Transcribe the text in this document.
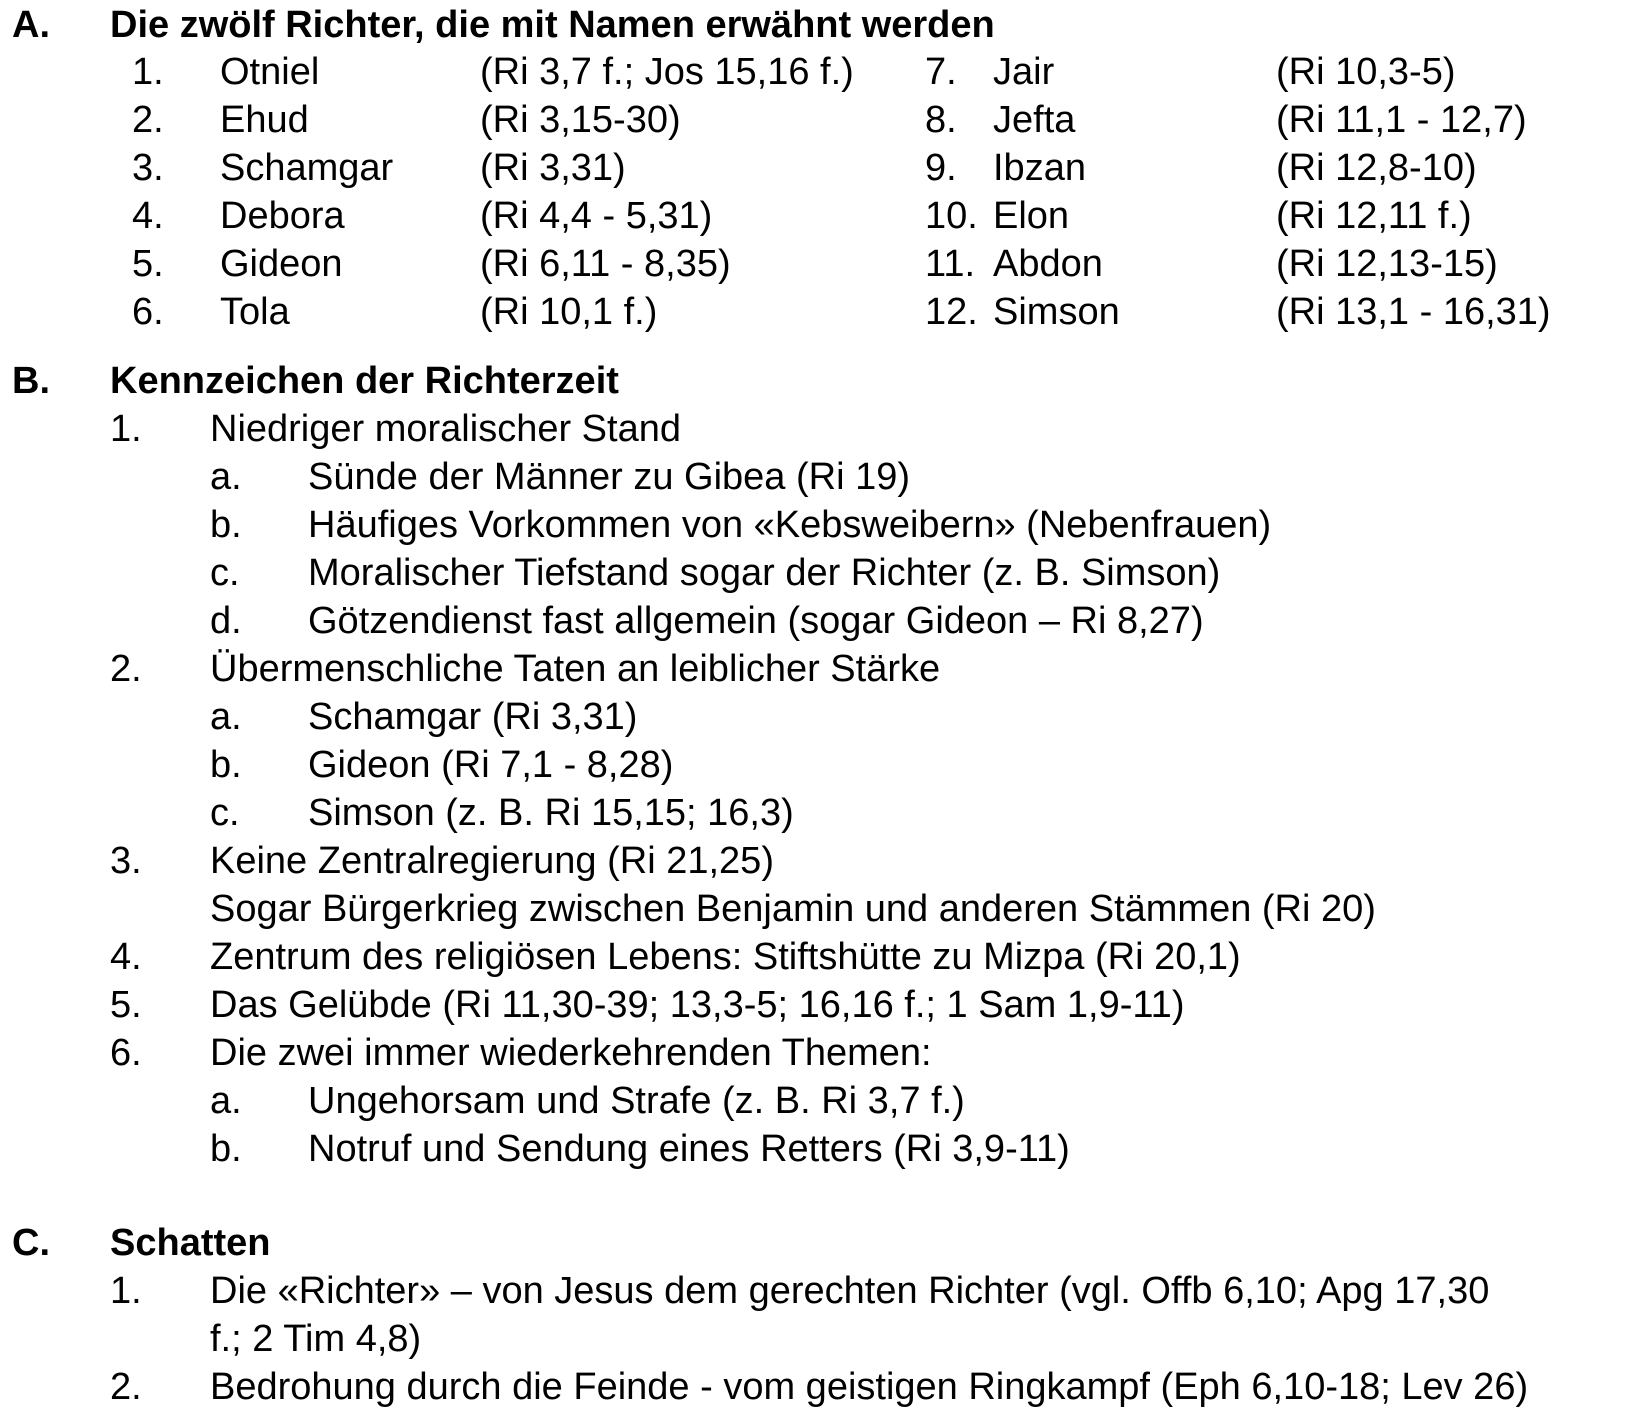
A. Die zwölf Richter, die mit Namen erwähnt werden
1. Otniel	(Ri 3,7 f.; Jos 15,16 f.)
2. Ehud	(Ri 3,15-30)
3. Schamgar (Ri 3,31)
4. Debora	(Ri 4,4 - 5,31)
5. Gideon	(Ri 6,11 - 8,35)
6. Tola	(Ri 10,1 f.)
7. Jair	(Ri 10,3-5)
8. Jefta	(Ri 11,1 - 12,7)
9. Ibzan	(Ri 12,8-10)
10. Elon	(Ri 12,11 f.)
11. Abdon	(Ri 12,13-15)
12. Simson	(Ri 13,1 - 16,31)
B. Kennzeichen der Richterzeit
1. Niedriger moralischer Stand
a. Sünde der Männer zu Gibea (Ri 19)
b. Häufiges Vorkommen von «Kebsweibern» (Nebenfrauen)
c. Moralischer Tiefstand sogar der Richter (z. B. Simson)
d. Götzendienst fast allgemein (sogar Gideon – Ri 8,27)
2. Übermenschliche Taten an leiblicher Stärke
a. Schamgar (Ri 3,31)
b. Gideon (Ri 7,1 - 8,28)
c. Simson (z. B. Ri 15,15; 16,3)
3. Keine Zentralregierung (Ri 21,25)
Sogar Bürgerkrieg zwischen Benjamin und anderen Stämmen (Ri 20)
4. Zentrum des religiösen Lebens: Stiftshütte zu Mizpa (Ri 20,1)
5. Das Gelübde (Ri 11,30-39; 13,3-5; 16,16 f.; 1 Sam 1,9-11)
6. Die zwei immer wiederkehrenden Themen:
a. Ungehorsam und Strafe (z. B. Ri 3,7 f.)
b. Notruf und Sendung eines Retters (Ri 3,9-11)
C. Schatten
1. Die «Richter» – von Jesus dem gerechten Richter (vgl. Offb 6,10; Apg 17,30
f.; 2 Tim 4,8)
2. Bedrohung durch die Feinde - vom geistigen Ringkampf (Eph 6,10-18; Lev 26)
